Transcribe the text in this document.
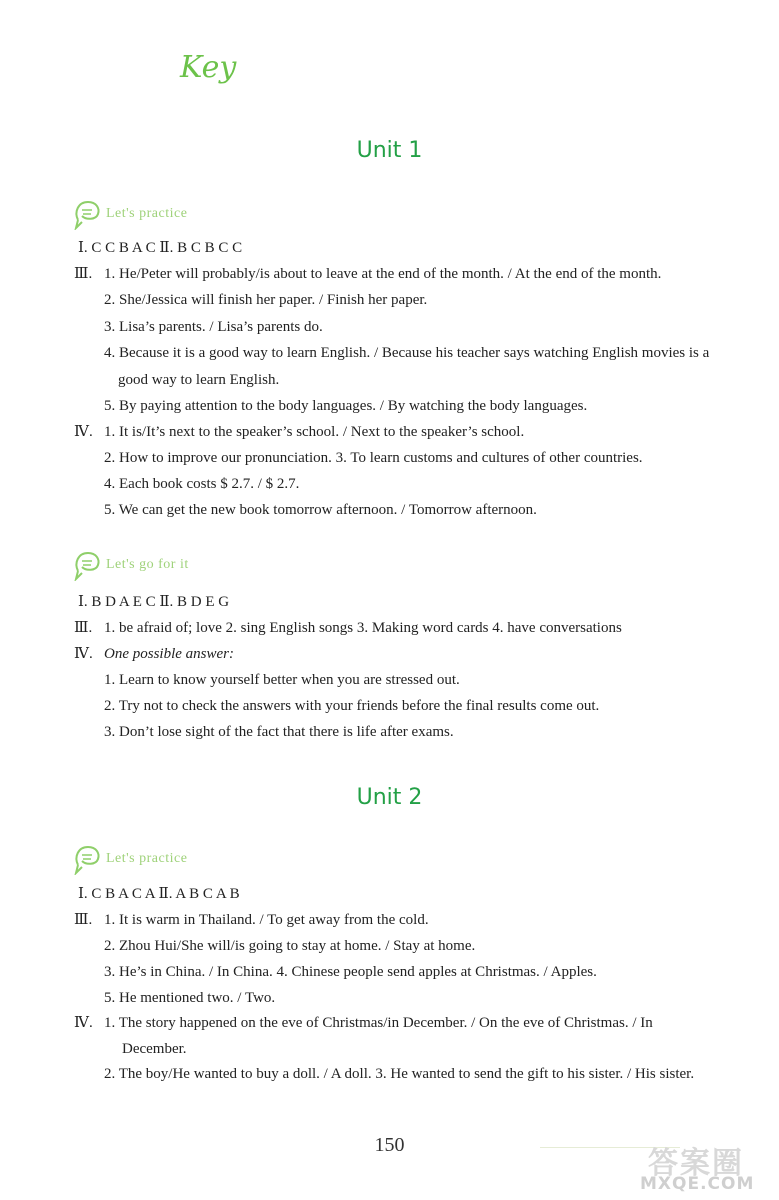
Key
Unit 1
Let's practice
Ⅰ. C C B A C Ⅱ. B C B C C
Ⅲ. 1. He/Peter will probably/is about to leave at the end of the month. / At the end of the month.
2. She/Jessica will finish her paper. / Finish her paper.
3. Lisa’s parents. / Lisa’s parents do.
4. Because it is a good way to learn English. / Because his teacher says watching English movies is a
good way to learn English.
5. By paying attention to the body languages. / By watching the body languages.
Ⅳ. 1. It is/It’s next to the speaker’s school. / Next to the speaker’s school.
2. How to improve our pronunciation. 3. To learn customs and cultures of other countries.
4. Each book costs $ 2.7. / $ 2.7.
5. We can get the new book tomorrow afternoon. / Tomorrow afternoon.
Let's go for it
Ⅰ. B D A E C Ⅱ. B D E G
Ⅲ. 1. be afraid of; love 2. sing English songs 3. Making word cards 4. have conversations
Ⅳ. One possible answer:
1. Learn to know yourself better when you are stressed out.
2. Try not to check the answers with your friends before the final results come out.
3. Don’t lose sight of the fact that there is life after exams.
Unit 2
Let's practice
Ⅰ. C B A C A Ⅱ. A B C A B
Ⅲ. 1. It is warm in Thailand. / To get away from the cold.
2. Zhou Hui/She will/is going to stay at home. / Stay at home.
3. He’s in China. / In China. 4. Chinese people send apples at Christmas. / Apples.
5. He mentioned two. / Two.
Ⅳ. 1. The story happened on the eve of Christmas/in December. / On the eve of Christmas. / In
December.
2. The boy/He wanted to buy a doll. / A doll. 3. He wanted to send the gift to his sister. / His sister.
150
答案圈
MXQE.COM
